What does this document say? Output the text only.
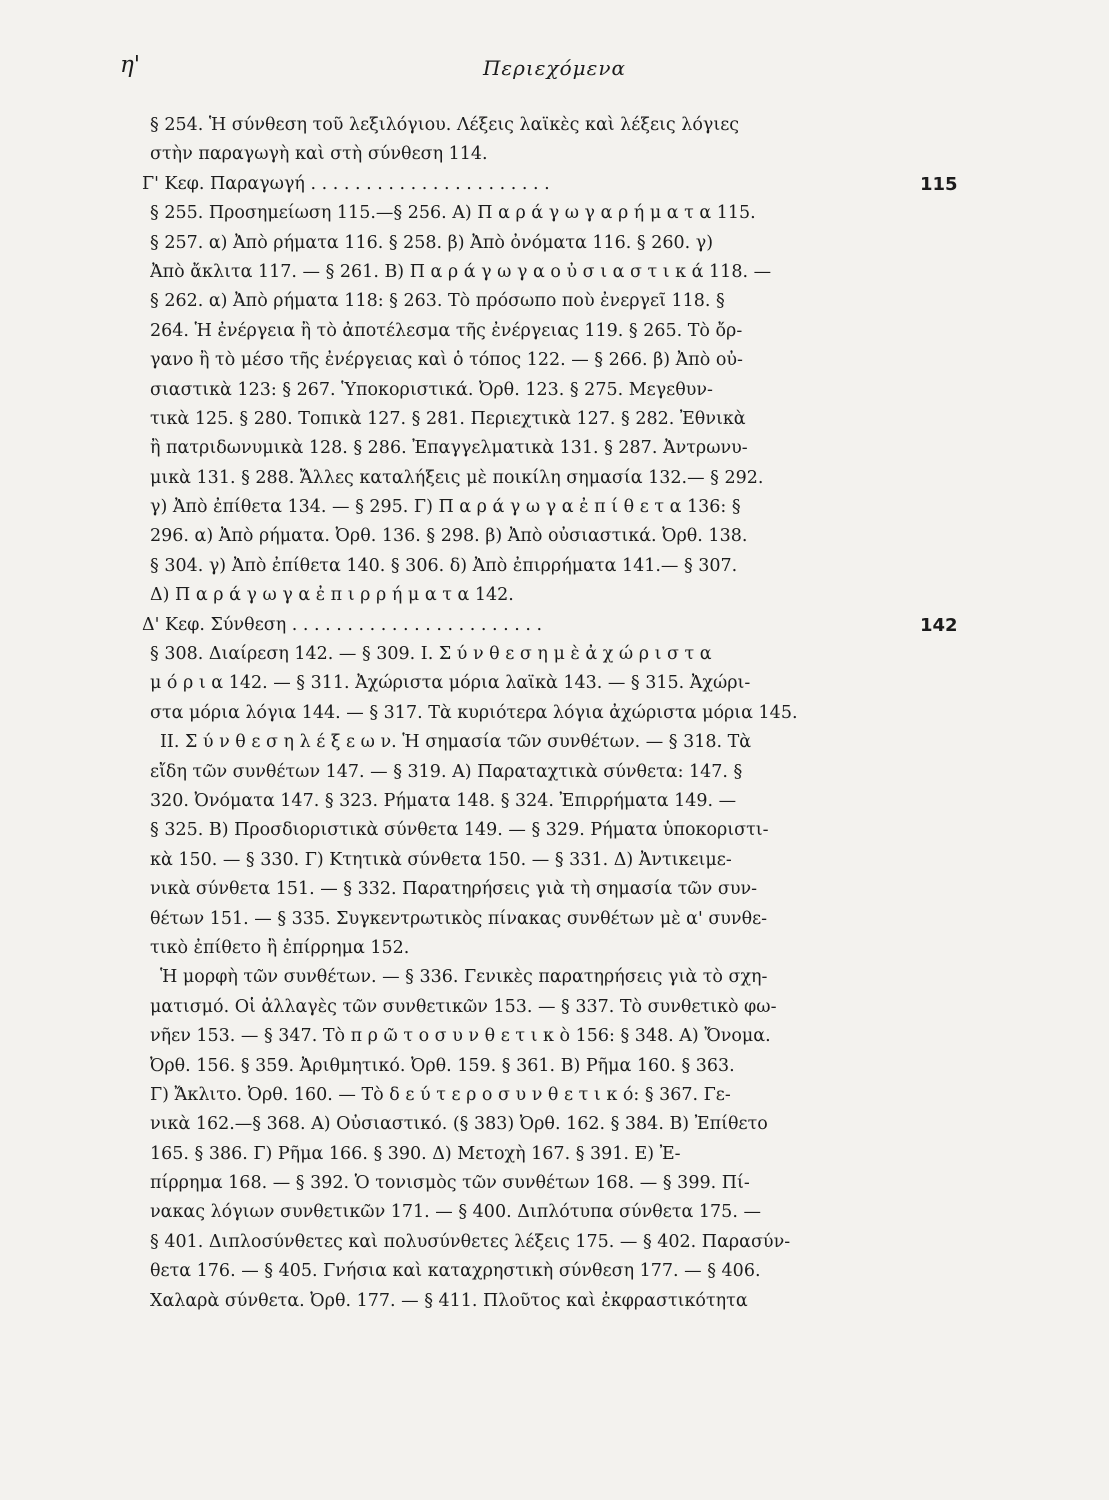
η'	Περιεχόμενα
§ 254. Ἡ σύνθεση τοῦ λεξιλόγιου. Λέξεις λαϊκὲς καὶ λέξεις λόγιες
στὴν παραγωγὴ καὶ στὴ σύνθεση 114.
Γ' Κεφ. Παραγωγή . . . . . . . . . . . . . . . . . . . . . .	115
§ 255. Προσημείωση 115.—§ 256. Α) Π α ρ ά γ ω γ α ρ ή μ α τ α 115.
§ 257. α) Ἀπὸ ρήματα 116. § 258. β) Ἀπὸ ὀνόματα 116. § 260. γ)
Ἀπὸ ἄκλιτα 117. — § 261. Β) Π α ρ ά γ ω γ α ο ὐ σ ι α σ τ ι κ ά 118. —
§ 262. α) Ἀπὸ ρήματα 118: § 263. Τὸ πρόσωπο ποὺ ἐνεργεῖ 118. §
264. Ἡ ἐνέργεια ἢ τὸ ἀποτέλεσμα τῆς ἐνέργειας 119. § 265. Τὸ ὄρ-
γανο ἢ τὸ μέσο τῆς ἐνέργειας καὶ ὁ τόπος 122. — § 266. β) Ἀπὸ οὐ-
σιαστικὰ 123: § 267. Ὑποκοριστικά. Ὀρθ. 123. § 275. Μεγεθυν-
τικὰ 125. § 280. Τοπικὰ 127. § 281. Περιεχτικὰ 127. § 282. Ἐθνικὰ
ἢ πατριδωνυμικὰ 128. § 286. Ἐπαγγελματικὰ 131. § 287. Ἀντρωνυ-
μικὰ 131. § 288. Ἄλλες καταλήξεις μὲ ποικίλη σημασία 132.— § 292.
γ) Ἀπὸ ἐπίθετα 134. — § 295. Γ) Π α ρ ά γ ω γ α ἐ π ί θ ε τ α 136: §
296. α) Ἀπὸ ρήματα. Ὀρθ. 136. § 298. β) Ἀπὸ οὐσιαστικά. Ὀρθ. 138.
§ 304. γ) Ἀπὸ ἐπίθετα 140. § 306. δ) Ἀπὸ ἐπιρρήματα 141.— § 307.
Δ) Π α ρ ά γ ω γ α ἐ π ι ρ ρ ή μ α τ α 142.
Δ' Κεφ. Σύνθεση . . . . . . . . . . . . . . . . . . . . . . .	142
§ 308. Διαίρεση 142. — § 309. Ι. Σ ύ ν θ ε σ η μ ὲ ἀ χ ώ ρ ι σ τ α
μ ό ρ ι α 142. — § 311. Ἀχώριστα μόρια λαϊκὰ 143. — § 315. Ἀχώρι-
στα μόρια λόγια 144. — § 317. Τὰ κυριότερα λόγια ἀχώριστα μόρια 145.
ΙΙ. Σ ύ ν θ ε σ η λ έ ξ ε ω ν. Ἡ σημασία τῶν συνθέτων. — § 318. Τὰ
εἴδη τῶν συνθέτων 147. — § 319. Α) Παραταχτικὰ σύνθετα: 147. §
320. Ὀνόματα 147. § 323. Ρήματα 148. § 324. Ἐπιρρήματα 149. —
§ 325. Β) Προσδιοριστικὰ σύνθετα 149. — § 329. Ρήματα ὑποκοριστι-
κὰ 150. — § 330. Γ) Κτητικὰ σύνθετα 150. — § 331. Δ) Ἀντικειμε-
νικὰ σύνθετα 151. — § 332. Παρατηρήσεις γιὰ τὴ σημασία τῶν συν-
θέτων 151. — § 335. Συγκεντρωτικὸς πίνακας συνθέτων μὲ α' συνθε-
τικὸ ἐπίθετο ἢ ἐπίρρημα 152.
Ἡ μορφὴ τῶν συνθέτων. — § 336. Γενικὲς παρατηρήσεις γιὰ τὸ σχη-
ματισμό. Οἱ ἀλλαγὲς τῶν συνθετικῶν 153. — § 337. Τὸ συνθετικὸ φω-
νῆεν 153. — § 347. Τὸ π ρ ῶ τ ο σ υ ν θ ε τ ι κ ὸ 156: § 348. Α) Ὄνομα.
Ὀρθ. 156. § 359. Ἀριθμητικό. Ὀρθ. 159. § 361. Β) Ρῆμα 160. § 363.
Γ) Ἄκλιτο. Ὀρθ. 160. — Τὸ δ ε ύ τ ε ρ ο σ υ ν θ ε τ ι κ ό: § 367. Γε-
νικὰ 162.—§ 368. Α) Οὐσιαστικό. (§ 383) Ὀρθ. 162. § 384. Β) Ἐπίθετο
165. § 386. Γ) Ρῆμα 166. § 390. Δ) Μετοχὴ 167. § 391. Ε) Ἐ-
πίρρημα 168. — § 392. Ὁ τονισμὸς τῶν συνθέτων 168. — § 399. Πί-
νακας λόγιων συνθετικῶν 171. — § 400. Διπλότυπα σύνθετα 175. —
§ 401. Διπλοσύνθετες καὶ πολυσύνθετες λέξεις 175. — § 402. Παρασύν-
θετα 176. — § 405. Γνήσια καὶ καταχρηστικὴ σύνθεση 177. — § 406.
Χαλαρὰ σύνθετα. Ὀρθ. 177. — § 411. Πλοῦτος καὶ ἐκφραστικότητα
